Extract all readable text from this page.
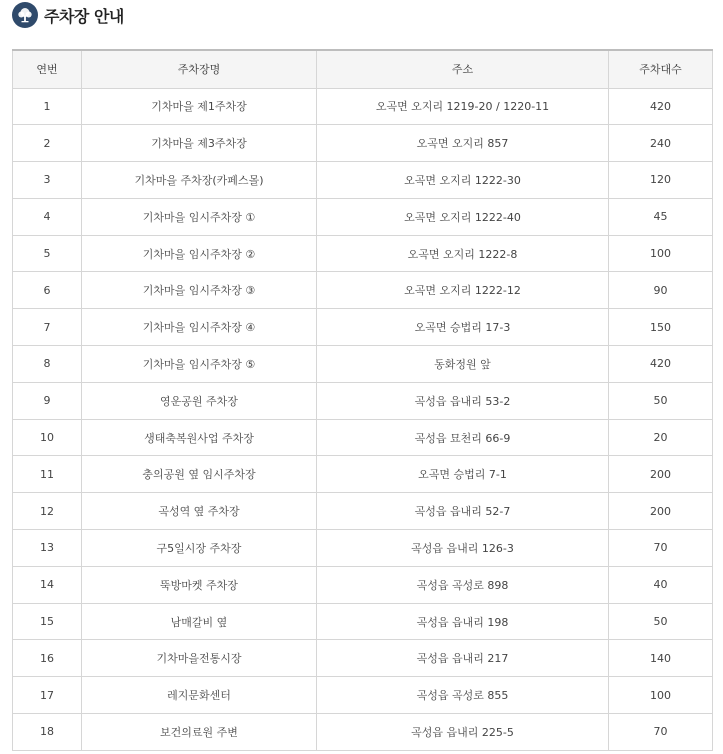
주차장 안내
연번	주차장명	주소	주차대수
1	기차마을 제1주차장	오곡면 오지리 1219-20 / 1220-11	420
2	기차마을 제3주차장	오곡면 오지리 857	240
3	기차마을 주차장(카페스몰)	오곡면 오지리 1222-30	120
4	기차마을 임시주차장 ①	오곡면 오지리 1222-40	45
5	기차마을 임시주차장 ②	오곡면 오지리 1222-8	100
6	기차마을 임시주차장 ③	오곡면 오지리 1222-12	90
7	기차마을 임시주차장 ④	오곡면 승법리 17-3	150
8	기차마을 임시주차장 ⑤	동화정원 앞	420
9	영운공원 주차장	곡성읍 읍내리 53-2	50
10	생태축복원사업 주차장	곡성읍 묘천리 66-9	20
11	충의공원 옆 임시주차장	오곡면 승법리 7-1	200
12	곡성역 옆 주차장	곡성읍 읍내리 52-7	200
13	구5일시장 주차장	곡성읍 읍내리 126-3	70
14	뚝방마켓 주차장	곡성읍 곡성로 898	40
15	남매갈비 옆	곡성읍 읍내리 198	50
16	기차마을전통시장	곡성읍 읍내리 217	140
17	레지문화센터	곡성읍 곡성로 855	100
18	보건의료원 주변	곡성읍 읍내리 225-5	70
